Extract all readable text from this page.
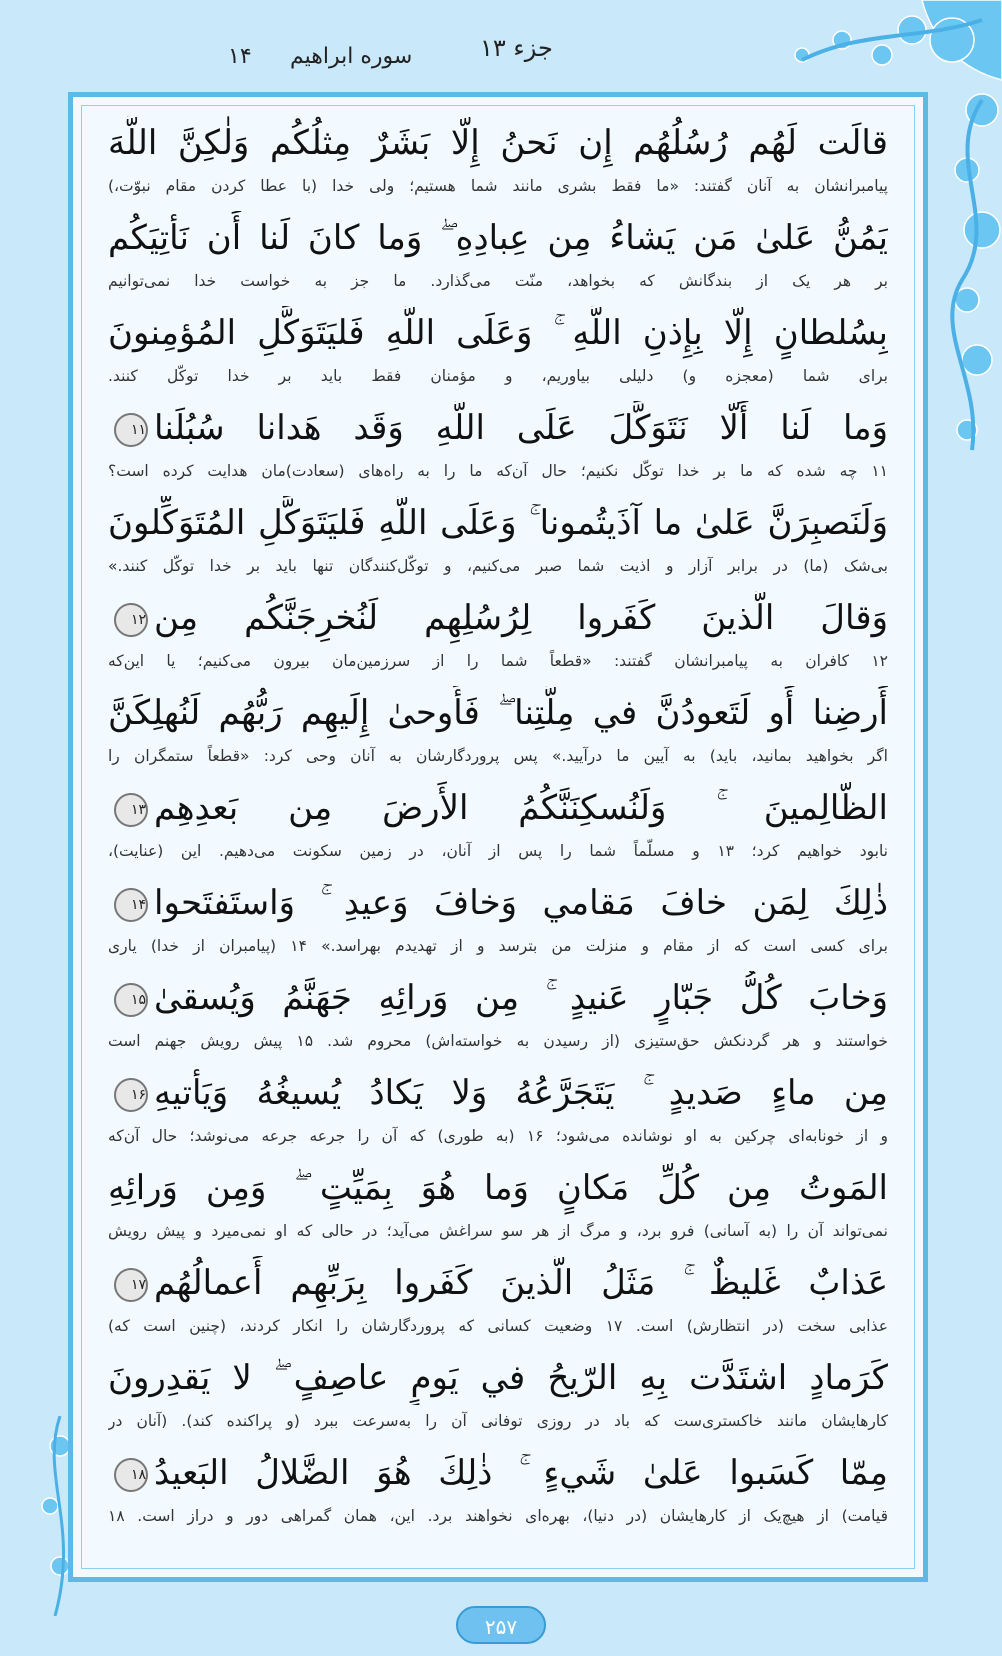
سوره ابراهیم
۱۴	جزء ۱۳
قالَت لَهُم رُسُلُهُم إِن نَحنُ إِلّا بَشَرٌ مِثلُكُم وَلٰكِنَّ اللَّهَ
پیامبرانشان به آنان گفتند: «ما فقط بشری مانند شما هستیم؛ ولی خدا (با عطا کردن مقام نبوّت،)
يَمُنُّ عَلىٰ مَن يَشاءُ مِن عِبادِهِ ۖ وَما كانَ لَنا أَن نَأتِيَكُم
بر هر یک از بندگانش که بخواهد، منّت می‌گذارد. ما جز به خواست خدا نمی‌توانیم
بِسُلطانٍ إِلّا بِإِذنِ اللَّهِ ۚ وَعَلَى اللَّهِ فَليَتَوَكَّلِ المُؤمِنونَ
برای شما (معجزه و) دلیلی بیاوریم، و مؤمنان فقط باید بر خدا توکّل کنند.
وَما لَنا أَلّا نَتَوَكَّلَ عَلَى اللَّهِ وَقَد هَدانا سُبُلَنا۱۱
۱۱ چه شده که ما بر خدا توکّل نکنیم؛ حال آن‌که ما را به راه‌های (سعادت)مان هدایت کرده است؟
وَلَنَصبِرَنَّ عَلىٰ ما آذَيتُمونا ۚ وَعَلَى اللَّهِ فَليَتَوَكَّلِ المُتَوَكِّلونَ
بی‌شک (ما) در برابر آزار و اذیت شما صبر می‌کنیم، و توکّل‌کنندگان تنها باید بر خدا توکّل کنند.»
وَقالَ الَّذينَ كَفَروا لِرُسُلِهِم لَنُخرِجَنَّكُم مِن۱۲
۱۲ کافران به پیامبرانشان گفتند: «قطعاً شما را از سرزمین‌مان بیرون می‌کنیم؛ یا این‌که
أَرضِنا أَو لَتَعودُنَّ في مِلَّتِنا ۖ فَأَوحىٰ إِلَيهِم رَبُّهُم لَنُهلِكَنَّ
اگر بخواهید بمانید، باید) به آیین ما درآیید.» پس پروردگارشان به آنان وحی کرد: «قطعاً ستمگران را
الظّالِمينَ ۚ وَلَنُسكِنَنَّكُمُ الأَرضَ مِن بَعدِهِم۱۳
نابود خواهیم کرد؛ ۱۳ و مسلّماً شما را پس از آنان، در زمین سکونت می‌دهیم. این (عنایت)،
ذٰلِكَ لِمَن خافَ مَقامي وَخافَ وَعيدِ ۚ وَاستَفتَحوا۱۴
برای کسی است که از مقام و منزلت من بترسد و از تهدیدم بهراسد.» ۱۴ (پیامبران از خدا) یاری
وَخابَ كُلُّ جَبّارٍ عَنيدٍ ۚ مِن وَرائِهِ جَهَنَّمُ وَيُسقىٰ۱۵
خواستند و هر گردنکش حق‌ستیزی (از رسیدن به خواسته‌اش) محروم شد. ۱۵ پیش رویش جهنم است
مِن ماءٍ صَديدٍ ۚ يَتَجَرَّعُهُ وَلا يَكادُ يُسيغُهُ وَيَأتيهِ۱۶
و از خونابه‌ای چرکین به او نوشانده می‌شود؛ ۱۶ (به طوری) که آن را جرعه جرعه می‌نوشد؛ حال آن‌که
المَوتُ مِن كُلِّ مَكانٍ وَما هُوَ بِمَيِّتٍ ۖ وَمِن وَرائِهِ
نمی‌تواند آن را (به آسانی) فرو برد، و مرگ از هر سو سراغش می‌آید؛ در حالی که او نمی‌میرد و پیش رویش
عَذابٌ غَليظٌ ۚ مَثَلُ الَّذينَ كَفَروا بِرَبِّهِم أَعمالُهُم۱۷
عذابی سخت (در انتظارش) است. ۱۷ وضعیت کسانی که پروردگارشان را انکار کردند، (چنین است که)
كَرَمادٍ اشتَدَّت بِهِ الرّيحُ في يَومٍ عاصِفٍ ۖ لا يَقدِرونَ
کارهایشان مانند خاکستری‌ست که باد در روزی توفانی آن را به‌سرعت ببرد (و پراکنده کند). (آنان در
مِمّا كَسَبوا عَلىٰ شَيءٍ ۚ ذٰلِكَ هُوَ الضَّلالُ البَعيدُ۱۸
قیامت) از هیچ‌یک از کارهایشان (در دنیا)، بهره‌ای نخواهند برد. این، همان گمراهی دور و دراز است. ۱۸
۲۵۷
